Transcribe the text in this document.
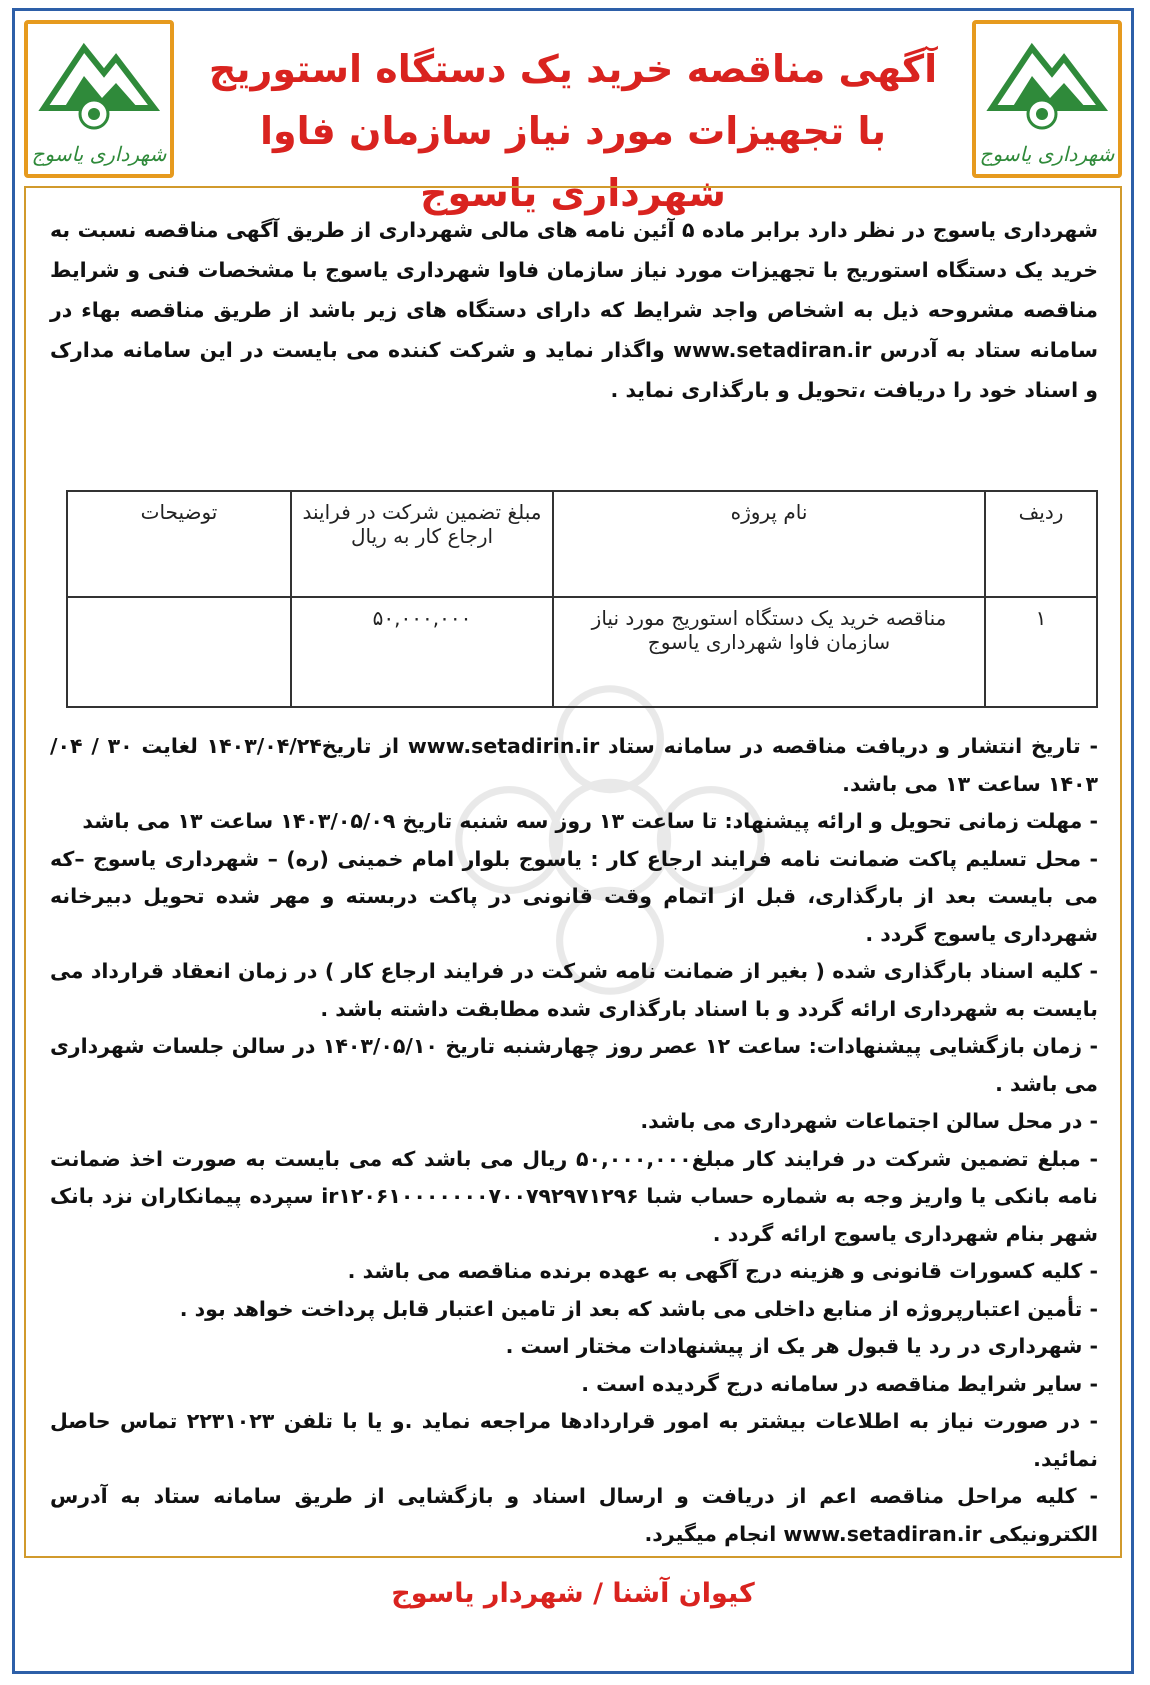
شهرداری یاسوج
شهرداری یاسوج
آگهی مناقصه خرید یک دستگاه استوریج
با تجهیزات مورد نیاز سازمان فاوا شهرداری یاسوج
شهرداری یاسوج در نظر دارد برابر ماده ۵ آئین نامه های مالی شهرداری از طریق آگهی مناقصه نسبت به خرید یک دستگاه استوریج با تجهیزات مورد نیاز سازمان فاوا شهرداری یاسوج با مشخصات فنی و شرایط مناقصه مشروحه ذیل به اشخاص واجد شرایط که دارای دستگاه های زیر باشد از طریق مناقصه بهاء در سامانه ستاد به آدرس www.setadiran.ir واگذار نماید و شرکت کننده می بایست در این سامانه مدارک و اسناد خود را دریافت ،تحویل و بارگذاری نماید .
ردیف	نام پروژه	مبلغ تضمین شرکت در فرایند ارجاع کار به ریال	توضیحات
۱	مناقصه خرید یک دستگاه استوریج مورد نیاز سازمان فاوا شهرداری یاسوج	۵۰,۰۰۰,۰۰۰	

- تاریخ انتشار و دریافت مناقصه در سامانه ستاد www.setadirin.ir از تاریخ۱۴۰۳/۰۴/۲۴ لغایت ۳۰ / ۰۴/ ۱۴۰۳ ساعت ۱۳ می باشد.

- مهلت زمانی تحویل و ارائه پیشنهاد: تا ساعت ۱۳ روز سه شنبه تاریخ ۱۴۰۳/۰۵/۰۹ ساعت ۱۳ می باشد

- محل تسلیم پاکت ضمانت نامه فرایند ارجاع کار : یاسوج بلوار امام خمینی (ره) – شهرداری یاسوج –که می بایست بعد از بارگذاری، قبل از اتمام وقت قانونی در پاکت دربسته و مهر شده تحویل دبیرخانه شهرداری یاسوج گردد .

- کلیه اسناد بارگذاری شده ( بغیر از ضمانت نامه شرکت در فرایند ارجاع کار ) در زمان انعقاد قرارداد می بایست به شهرداری ارائه گردد و با اسناد بارگذاری شده مطابقت داشته باشد .

- زمان بازگشایی پیشنهادات: ساعت ۱۲ عصر روز چهارشنبه تاریخ ۱۴۰۳/۰۵/۱۰ در سالن جلسات شهرداری می باشد .

- در محل سالن اجتماعات شهرداری می باشد.

- مبلغ تضمین شرکت در فرایند کار مبلغ۵۰,۰۰۰,۰۰۰ ریال می باشد که می بایست به صورت اخذ ضمانت نامه بانکی یا واریز وجه به شماره حساب شبا ir۱۲۰۶۱۰۰۰۰۰۰۰۷۰۰۷۹۲۹۷۱۲۹۶ سپرده پیمانکاران نزد بانک شهر بنام شهرداری یاسوج ارائه گردد .

- کلیه کسورات قانونی و هزینه درج آگهی به عهده برنده مناقصه می باشد .

- تأمین اعتبارپروژه از منابع داخلی می باشد که بعد از تامین اعتبار قابل پرداخت خواهد بود .

- شهرداری در رد یا قبول هر یک از پیشنهادات مختار است .

- سایر شرایط مناقصه در سامانه درج گردیده است .

- در صورت نیاز به اطلاعات بیشتر به امور قراردادها مراجعه نماید .و یا با تلفن ۲۲۳۱۰۲۳ تماس حاصل نمائید.

- کلیه مراحل مناقصه اعم از دریافت و ارسال اسناد و بازگشایی از طریق سامانه ستاد به آدرس الکترونیکی www.setadiran.ir انجام میگیرد.

کیوان آشنا / شهردار یاسوج
